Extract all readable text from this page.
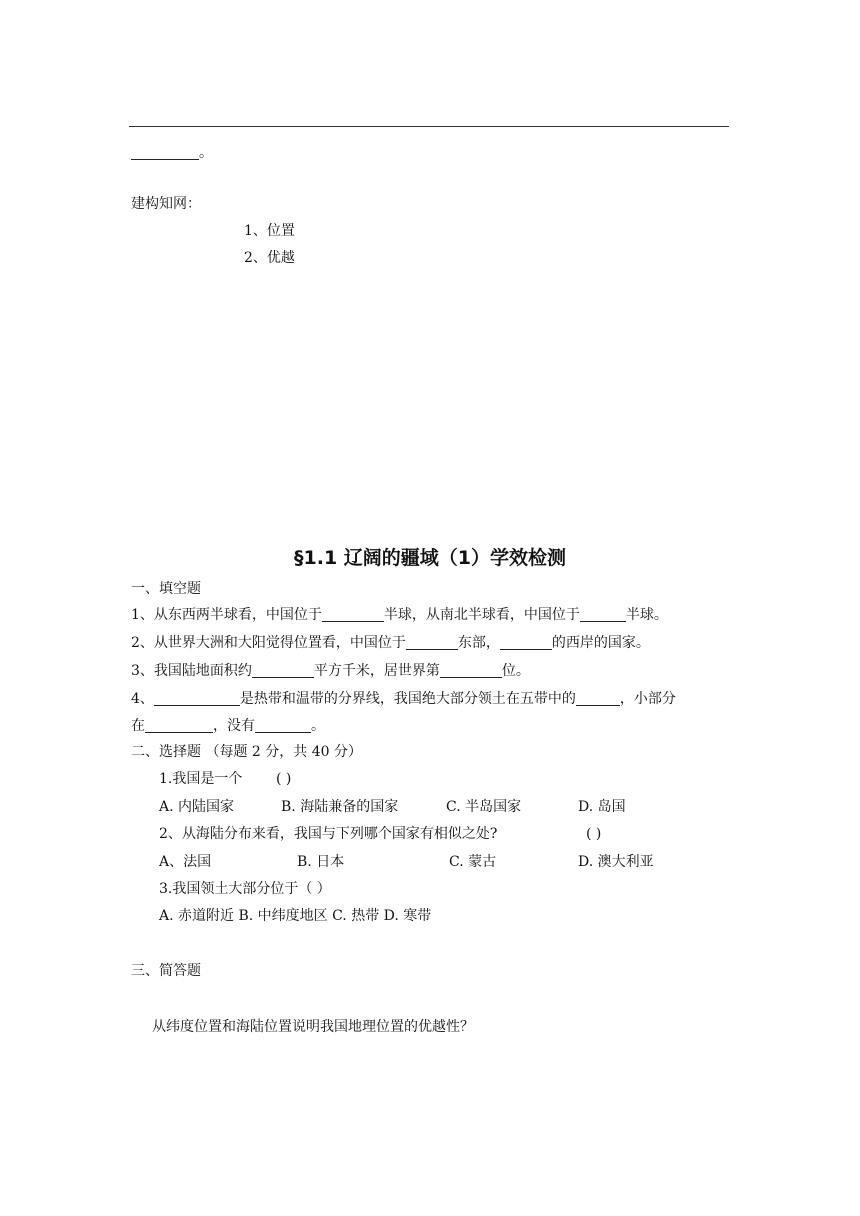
。
建构知网：
1、位置
2、优越
§1.1 辽阔的疆域（1）学效检测
一、填空题
1、从东西两半球看，中国位于	半球，从南北半球看，中国位于	半球。
2、从世界大洲和大阳觉得位置看，中国位于	东部，	的西岸的国家。
3、我国陆地面积约	平方千米，居世界第	位。
4、	是热带和温带的分界线，我国绝大部分领土在五带中的	，小部分
在	，没有	。
二、选择题 （每题 2 分，共 40 分）
1.我国是一个 ( )
A. 内陆国家	B. 海陆兼备的国家	C. 半岛国家	D. 岛国
2、从海陆分布来看，我国与下列哪个国家有相似之处?	( )
A、法国	B. 日本	C. 蒙古	D. 澳大利亚
3.我国领土大部分位于（ ）
A. 赤道附近 B. 中纬度地区 C. 热带 D. 寒带
三、简答题
从纬度位置和海陆位置说明我国地理位置的优越性？
